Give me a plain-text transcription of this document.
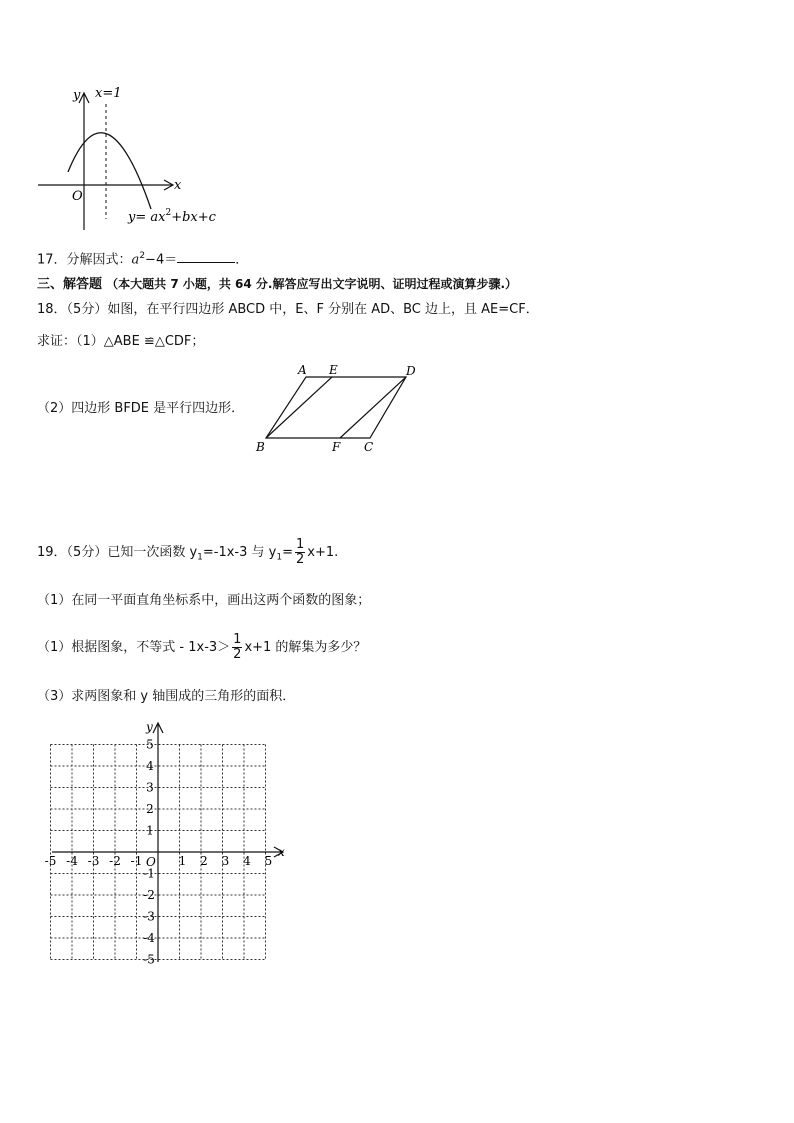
y x=1
x
O
$y= ax^2+bx+c$
17．分解因式：$a^2-4=$	．
三、解答题 （本大题共 7 小题，共 64 分.解答应写出文字说明、证明过程或演算步骤.）
18．（5分）如图，在平行四边形 ABCD 中，E、F 分别在 AD、BC 边上，且 AE=CF．
求证：（1）△ABE ≌△CDF；
（2）四边形 BFDE 是平行四边形．
A E	D
B	F C
19．（5分）已知一次函数 $y_1=-1x-3$ 与 $y_1= \frac{1}{2} x+1$.
（1）在同一平面直角坐标系中，画出这两个函数的图象；
（1）根据图象，不等式 - $1x-3> \frac{1}{2} x+1$ 的解集为多少？
（3）求两图象和 y 轴围成的三角形的面积．
x
y
O
-5 -4 -3 -2 -1	1 2 3 4 5
5
4
3
2
1
-1
-2
-3
-4
-5
